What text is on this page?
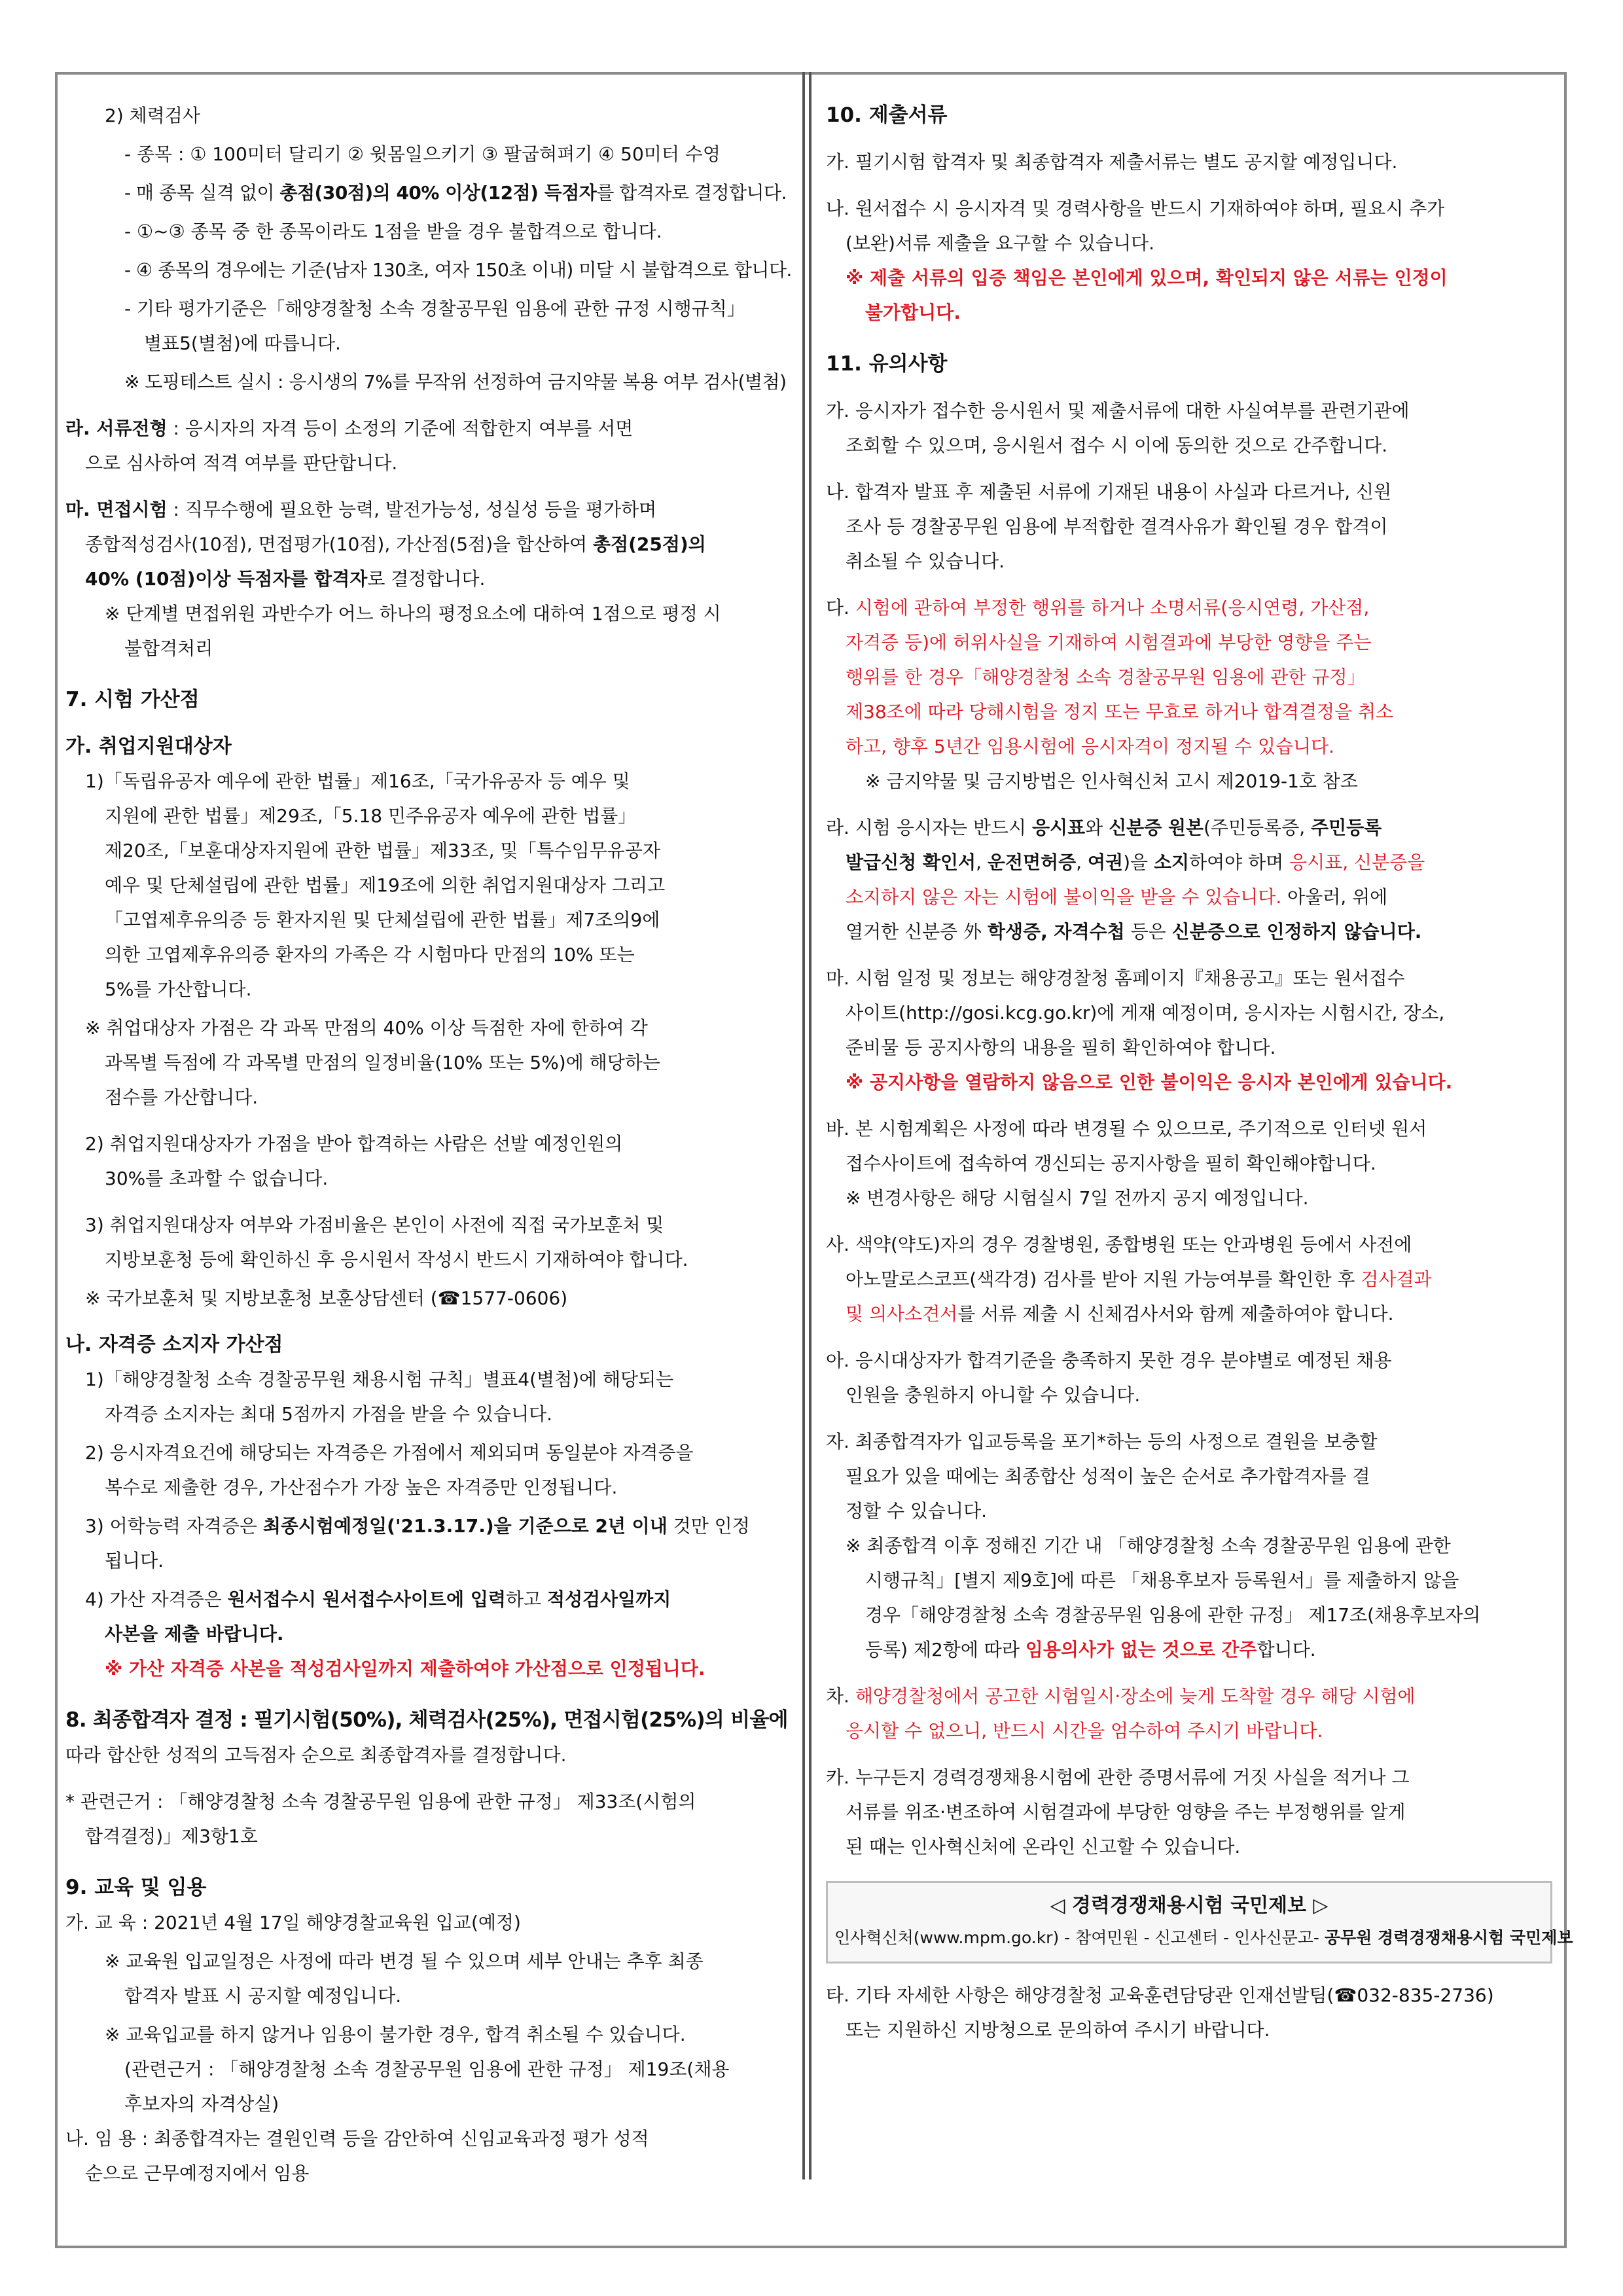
2) 체력검사
- 종목 : ① 100미터 달리기 ② 윗몸일으키기 ③ 팔굽혀펴기 ④ 50미터 수영
- 매 종목 실격 없이 총점(30점)의 40% 이상(12점) 득점자를 합격자로 결정합니다.
- ①~③ 종목 중 한 종목이라도 1점을 받을 경우 불합격으로 합니다.
- ④ 종목의 경우에는 기준(남자 130초, 여자 150초 이내) 미달 시 불합격으로 합니다.
- 기타 평가기준은「해양경찰청 소속 경찰공무원 임용에 관한 규정 시행규칙」
별표5(별첨)에 따릅니다.
※ 도핑테스트 실시 : 응시생의 7%를 무작위 선정하여 금지약물 복용 여부 검사(별첨)
라. 서류전형 : 응시자의 자격 등이 소정의 기준에 적합한지 여부를 서면
으로 심사하여 적격 여부를 판단합니다.
마. 면접시험 : 직무수행에 필요한 능력, 발전가능성, 성실성 등을 평가하며
종합적성검사(10점), 면접평가(10점), 가산점(5점)을 합산하여 총점(25점)의
40% (10점)이상 득점자를 합격자로 결정합니다.
※ 단계별 면접위원 과반수가 어느 하나의 평정요소에 대하여 1점으로 평정 시
불합격처리
7. 시험 가산점
가. 취업지원대상자
1)「독립유공자 예우에 관한 법률」제16조,「국가유공자 등 예우 및
지원에 관한 법률」제29조,「5.18 민주유공자 예우에 관한 법률」
제20조,「보훈대상자지원에 관한 법률」제33조, 및「특수임무유공자
예우 및 단체설립에 관한 법률」제19조에 의한 취업지원대상자 그리고
「고엽제후유의증 등 환자지원 및 단체설립에 관한 법률」제7조의9에
의한 고엽제후유의증 환자의 가족은 각 시험마다 만점의 10% 또는
5%를 가산합니다.
※ 취업대상자 가점은 각 과목 만점의 40% 이상 득점한 자에 한하여 각
과목별 득점에 각 과목별 만점의 일정비율(10% 또는 5%)에 해당하는
점수를 가산합니다.
2) 취업지원대상자가 가점을 받아 합격하는 사람은 선발 예정인원의
30%를 초과할 수 없습니다.
3) 취업지원대상자 여부와 가점비율은 본인이 사전에 직접 국가보훈처 및
지방보훈청 등에 확인하신 후 응시원서 작성시 반드시 기재하여야 합니다.
※ 국가보훈처 및 지방보훈청 보훈상담센터 (☎1577-0606)
나. 자격증 소지자 가산점
1)「해양경찰청 소속 경찰공무원 채용시험 규칙」별표4(별첨)에 해당되는
자격증 소지자는 최대 5점까지 가점을 받을 수 있습니다.
2) 응시자격요건에 해당되는 자격증은 가점에서 제외되며 동일분야 자격증을
복수로 제출한 경우, 가산점수가 가장 높은 자격증만 인정됩니다.
3) 어학능력 자격증은 최종시험예정일('21.3.17.)을 기준으로 2년 이내 것만 인정
됩니다.
4) 가산 자격증은 원서접수시 원서접수사이트에 입력하고 적성검사일까지
사본을 제출 바랍니다.
※ 가산 자격증 사본을 적성검사일까지 제출하여야 가산점으로 인정됩니다.
8. 최종합격자 결정 : 필기시험(50%), 체력검사(25%), 면접시험(25%)의 비율에
따라 합산한 성적의 고득점자 순으로 최종합격자를 결정합니다.
* 관련근거 : 「해양경찰청 소속 경찰공무원 임용에 관한 규정」 제33조(시험의
합격결정)」제3항1호
9. 교육 및 임용
가. 교 육 : 2021년 4월 17일 해양경찰교육원 입교(예정)
※ 교육원 입교일정은 사정에 따라 변경 될 수 있으며 세부 안내는 추후 최종
합격자 발표 시 공지할 예정입니다.
※ 교육입교를 하지 않거나 임용이 불가한 경우, 합격 취소될 수 있습니다.
(관련근거 : 「해양경찰청 소속 경찰공무원 임용에 관한 규정」 제19조(채용
후보자의 자격상실)
나. 임 용 : 최종합격자는 결원인력 등을 감안하여 신임교육과정 평가 성적
순으로 근무예정지에서 임용
10. 제출서류
가. 필기시험 합격자 및 최종합격자 제출서류는 별도 공지할 예정입니다.
나. 원서접수 시 응시자격 및 경력사항을 반드시 기재하여야 하며, 필요시 추가
(보완)서류 제출을 요구할 수 있습니다.
※ 제출 서류의 입증 책임은 본인에게 있으며, 확인되지 않은 서류는 인정이
불가합니다.
11. 유의사항
가. 응시자가 접수한 응시원서 및 제출서류에 대한 사실여부를 관련기관에
조회할 수 있으며, 응시원서 접수 시 이에 동의한 것으로 간주합니다.
나. 합격자 발표 후 제출된 서류에 기재된 내용이 사실과 다르거나, 신원
조사 등 경찰공무원 임용에 부적합한 결격사유가 확인될 경우 합격이
취소될 수 있습니다.
다. 시험에 관하여 부정한 행위를 하거나 소명서류(응시연령, 가산점,
자격증 등)에 허위사실을 기재하여 시험결과에 부당한 영향을 주는
행위를 한 경우「해양경찰청 소속 경찰공무원 임용에 관한 규정」
제38조에 따라 당해시험을 정지 또는 무효로 하거나 합격결정을 취소
하고, 향후 5년간 임용시험에 응시자격이 정지될 수 있습니다.
※ 금지약물 및 금지방법은 인사혁신처 고시 제2019-1호 참조
라. 시험 응시자는 반드시 응시표와 신분증 원본(주민등록증, 주민등록
발급신청 확인서, 운전면허증, 여권)을 소지하여야 하며 응시표, 신분증을
소지하지 않은 자는 시험에 불이익을 받을 수 있습니다. 아울러, 위에
열거한 신분증 外 학생증, 자격수첩 등은 신분증으로 인정하지 않습니다.
마. 시험 일정 및 정보는 해양경찰청 홈페이지『채용공고』또는 원서접수
사이트(http://gosi.kcg.go.kr)에 게재 예정이며, 응시자는 시험시간, 장소,
준비물 등 공지사항의 내용을 필히 확인하여야 합니다.
※ 공지사항을 열람하지 않음으로 인한 불이익은 응시자 본인에게 있습니다.
바. 본 시험계획은 사정에 따라 변경될 수 있으므로, 주기적으로 인터넷 원서
접수사이트에 접속하여 갱신되는 공지사항을 필히 확인해야합니다.
※ 변경사항은 해당 시험실시 7일 전까지 공지 예정입니다.
사. 색약(약도)자의 경우 경찰병원, 종합병원 또는 안과병원 등에서 사전에
아노말로스코프(색각경) 검사를 받아 지원 가능여부를 확인한 후 검사결과
및 의사소견서를 서류 제출 시 신체검사서와 함께 제출하여야 합니다.
아. 응시대상자가 합격기준을 충족하지 못한 경우 분야별로 예정된 채용
인원을 충원하지 아니할 수 있습니다.
자. 최종합격자가 입교등록을 포기*하는 등의 사정으로 결원을 보충할
필요가 있을 때에는 최종합산 성적이 높은 순서로 추가합격자를 결
정할 수 있습니다.
※ 최종합격 이후 정해진 기간 내 「해양경찰청 소속 경찰공무원 임용에 관한
시행규칙」[별지 제9호]에 따른 「채용후보자 등록원서」를 제출하지 않을
경우「해양경찰청 소속 경찰공무원 임용에 관한 규정」 제17조(채용후보자의
등록) 제2항에 따라 임용의사가 없는 것으로 간주합니다.
차. 해양경찰청에서 공고한 시험일시·장소에 늦게 도착할 경우 해당 시험에
응시할 수 없으니, 반드시 시간을 엄수하여 주시기 바랍니다.
카. 누구든지 경력경쟁채용시험에 관한 증명서류에 거짓 사실을 적거나 그
서류를 위조·변조하여 시험결과에 부당한 영향을 주는 부정행위를 알게
된 때는 인사혁신처에 온라인 신고할 수 있습니다.
◁ 경력경쟁채용시험 국민제보 ▷
인사혁신처(www.mpm.go.kr) - 참여민원 - 신고센터 - 인사신문고- 공무원 경력경쟁채용시험 국민제보
타. 기타 자세한 사항은 해양경찰청 교육훈련담당관 인재선발팀(☎032-835-2736)
또는 지원하신 지방청으로 문의하여 주시기 바랍니다.
